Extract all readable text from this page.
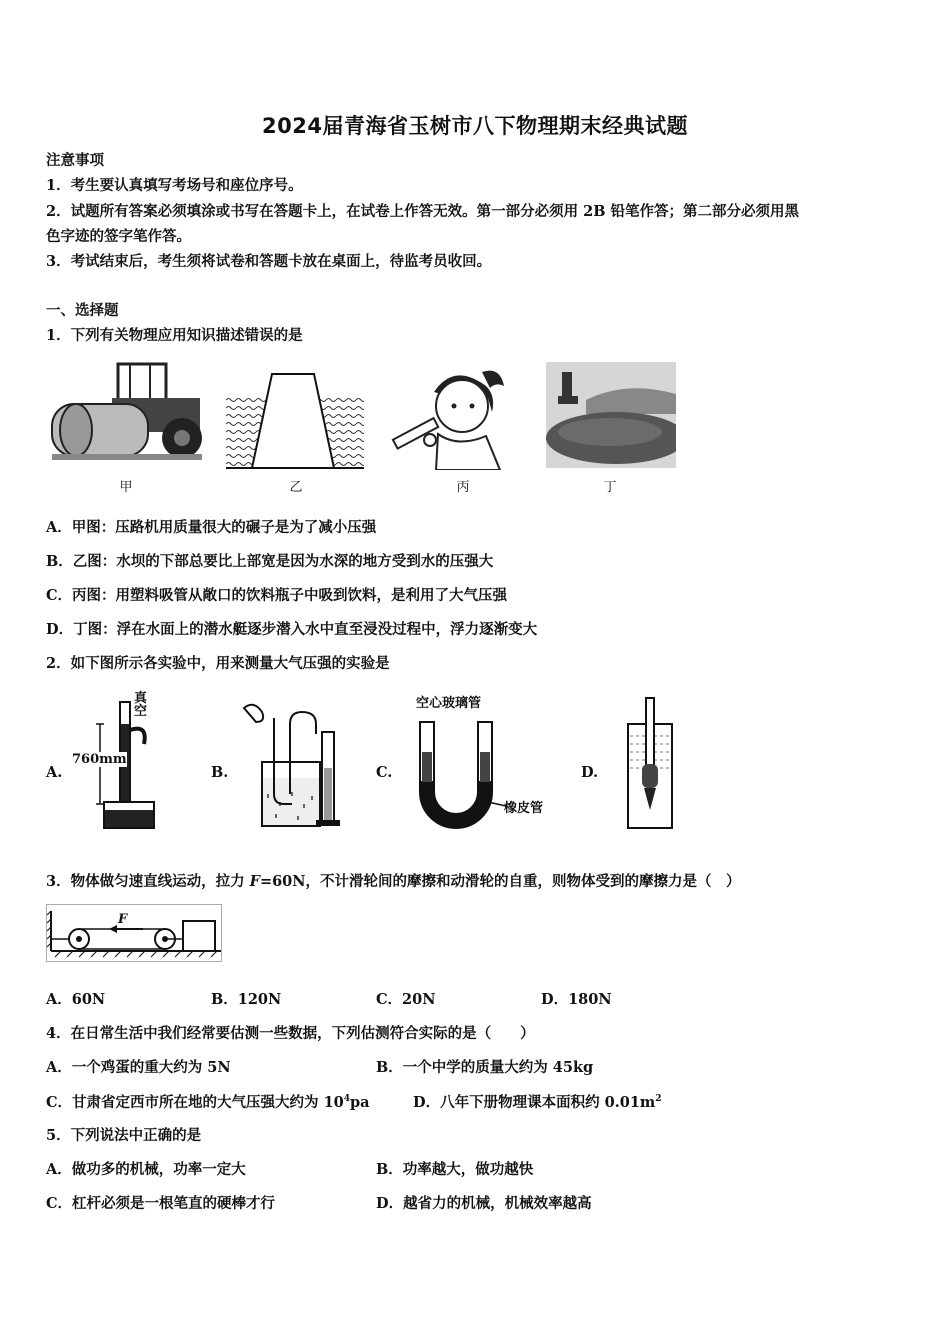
2024届青海省玉树市八下物理期末经典试题
注意事项
1．考生要认真填写考场号和座位序号。
2．试题所有答案必须填涂或书写在答题卡上，在试卷上作答无效。第一部分必须用 2B 铅笔作答；第二部分必须用黑
色字迹的签字笔作答。
3．考试结束后，考生须将试卷和答题卡放在桌面上，待监考员收回。
一、选择题
1．下列有关物理应用知识描述错误的是
甲	乙	丙	丁
A．甲图：压路机用质量很大的碾子是为了减小压强
B．乙图：水坝的下部总要比上部宽是因为水深的地方受到水的压强大
C．丙图：用塑料吸管从敞口的饮料瓶子中吸到饮料，是利用了大气压强
D．丁图：浮在水面上的潜水艇逐步潜入水中直至浸没过程中，浮力逐渐变大
2．如下图所示各实验中，用来测量大气压强的实验是
A.
真空
760mm
B.	C.
空心玻璃管
橡皮管
D.
3．物体做匀速直线运动，拉力 F=60N，不计滑轮间的摩擦和动滑轮的自重，则物体受到的摩擦力是（　）
F
A．60N	B．120N	C．20N	D．180N
4．在日常生活中我们经常要估测一些数据，下列估测符合实际的是（　　）
A．一个鸡蛋的重大约为 5N	B．一个中学的质量大约为 45kg
C．甘肃省定西市所在地的大气压强大约为 $10^4pa$	D．八年下册物理课本面积约 $0.01m^2$
5．下列说法中正确的是
A．做功多的机械，功率一定大	B．功率越大，做功越快
C．杠杆必须是一根笔直的硬棒才行	D．越省力的机械，机械效率越高
